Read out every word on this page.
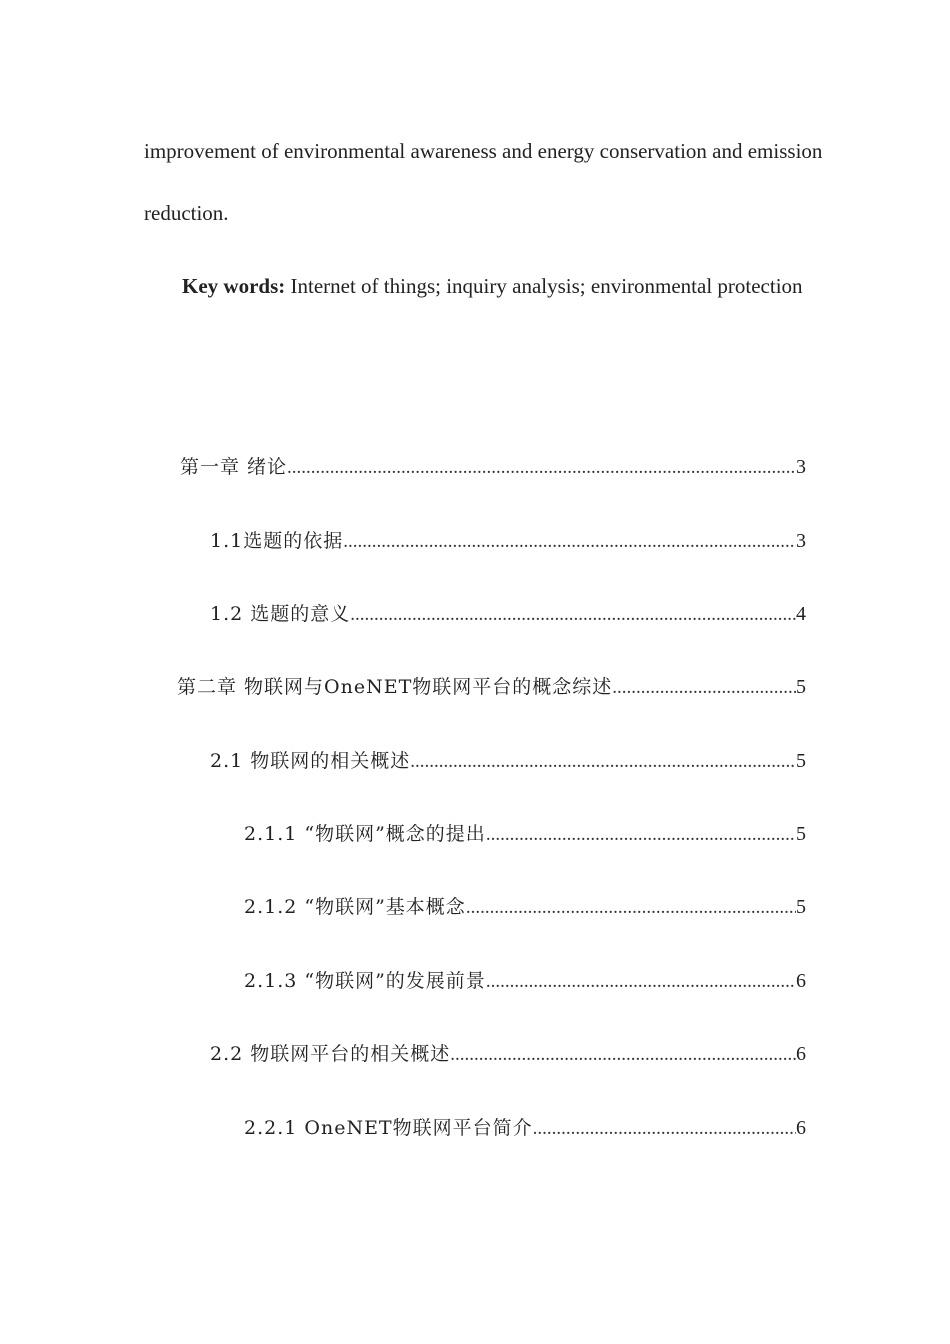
improvement of environmental awareness and energy conservation and emission reduction.

Key words: Internet of things; inquiry analysis; environmental protection

第一章 绪论 .....	3
1.1选题的依据 .....	3
1.2 选题的意义 .....	4
第二章 物联网与OneNET物联网平台的概念综述 .....	5
2.1 物联网的相关概述 .....	5
2.1.1 “物联网”概念的提出 .....	5
2.1.2 “物联网”基本概念 .....	5
2.1.3 “物联网”的发展前景 .....	6
2.2 物联网平台的相关概述 .....	6
2.2.1 OneNET物联网平台简介 .....	6
